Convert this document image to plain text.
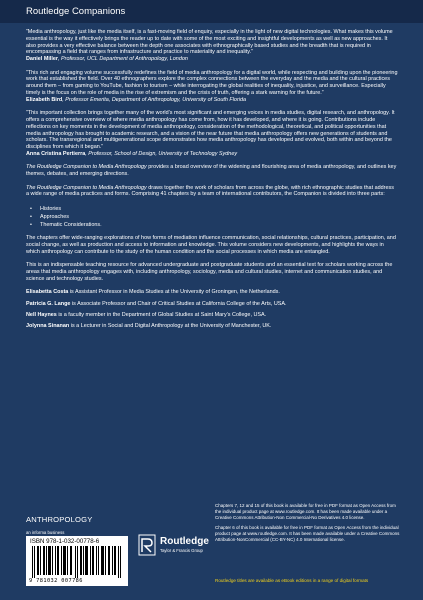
Routledge Companions
“Media anthropology, just like the media itself, is a fast-moving field of enquiry, especially in the light of new digital technologies. What makes this volume essential is the way it effectively brings the reader up to date with some of the most exciting and insightful developments as well as new approaches. It also provides a very effective balance between the depth one associates with ethnographically based studies and the breadth that is required in encompassing a field that ranges from infrastructure and practice to materiality and inequality.”
Daniel Miller, Professor, UCL Department of Anthropology, London
“This rich and engaging volume successfully redefines the field of media anthropology for a digital world, while respecting and building upon the pioneering work that established the field. Over 40 ethnographers explore the complex connections between the everyday and the media and the cultural practices around them – from gaming to YouTube, fashion to tourism – while interrogating the global realities of inequality, injustice, and surveillance. Especially timely is the focus on the role of media in the rise of extremism and the crisis of truth, offering a stark warning for the future.”
Elizabeth Bird, Professor Emerita, Department of Anthropology, University of South Florida
“This important collection brings together many of the world’s most significant and emerging voices in media studies, digital research, and anthropology. It offers a comprehensive overview of where media anthropology has come from, how it has developed, and where it is going. Contributions include reflections on key moments in the development of media anthropology, consideration of the methodological, theoretical, and political opportunities that media anthropology has brought to academic research, and a vision of the near future that media anthropology offers new generations of students and scholars. The transregional and multigenerational scope demonstrates how media anthropology has developed and evolved, both within and beyond the disciplines from which it began.”
Anna Cristina Pertierra, Professor, School of Design, University of Technology Sydney

The Routledge Companion to Media Anthropology provides a broad overview of the widening and flourishing area of media anthropology, and outlines key themes, debates, and emerging directions.

The Routledge Companion to Media Anthropology draws together the work of scholars from across the globe, with rich ethnographic studies that address a wide range of media practices and forms. Comprising 41 chapters by a team of international contributors, the Companion is divided into three parts:

• Histories
• Approaches
• Thematic Considerations.

The chapters offer wide-ranging explorations of how forms of mediation influence communication, social relationships, cultural practices, participation, and social change, as well as production and access to information and knowledge. This volume considers new developments, and highlights the ways in which anthropology can contribute to the study of the human condition and the social processes in which media are entangled.

This is an indispensable teaching resource for advanced undergraduate and postgraduate students and an essential text for scholars working across the areas that media anthropology engages with, including anthropology, sociology, media and cultural studies, internet and communication studies, and science and technology studies.

Elisabetta Costa is Assistant Professor in Media Studies at the University of Groningen, the Netherlands.
Patricia G. Lange is Associate Professor and Chair of Critical Studies at California College of the Arts, USA.
Nell Haynes is a faculty member in the Department of Global Studies at Saint Mary’s College, USA.
Jolynna Sinanan is a Lecturer in Social and Digital Anthropology at the University of Manchester, UK.
ANTHROPOLOGY
an informa business
ISBN 978-1-032-00778-6
9 781032 007786
Routledge
Taylor & Francis Group

Chapters 7, 12 and 15 of this book is available for free in PDF format as Open Access from the individual product page at www.routledge.com. It has been made available under a Creative Commons Attribution-Non Commercial-No Derivatives 4.0 license.

Chapter 6 of this book is available for free in PDF format as Open Access from the individual product page at www.routledge.com. It has been made available under a Creative Commons Attribution-NonCommercial (CC-BY-NC) 4.0 International license.

Routledge titles are available as eBook editions in a range of digital formats
